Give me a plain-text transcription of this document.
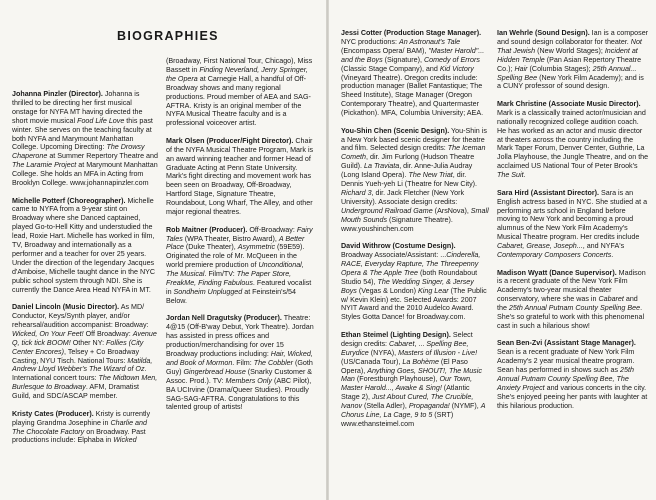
BIOGRAPHIES

Johanna Pinzler (Director). Johanna is thrilled to be directing her first musical onstage for NYFA MT having directed the short movie musical Food Life Love this past winter. She serves on the teaching faculty at both NYFA and Marymount Manhattan College. Upcoming Directing: The Drowsy Chaperone at Summer Repertory Theatre and The Laramie Project at Marymount Manhattan College. She holds an MFA in Acting from Brooklyn College. www.johannapinzler.com

Michelle Potterf (Choreographer). Michelle came to NYFA from a 9-year stint on Broadway where she Danced captained, played Go-to-Hell Kitty and understudied the lead, Roxie Hart. Michelle has worked in film, TV, Broadway and internationally as a performer and a teacher for over 25 years. Under the direction of the legendary Jacques d'Amboise, Michelle taught dance in the NYC public school system through NDI. She is currently the Dance Area Head NYFA in MT.

Daniel Lincoln (Music Director). As MD/ Conductor, Keys/Synth player, and/or rehearsal/audition accompanist: Broadway: Wicked, On Your Feet! Off Broadway: Avenue Q, tick tick BOOM! Other NY: Follies (City Center Encores), Telsey + Co Broadway Casting, NYU Tisch. National Tours: Matilda, Andrew Lloyd Webber's The Wizard of Oz. International concert tours: The Midtown Men, Burlesque to Broadway. AFM, Dramatist Guild, and SDC/ASCAP member.

Kristy Cates (Producer). Kristy is currently playing Grandma Josephine in Charlie and The Chocolate Factory on Broadway. Past productions include: Elphaba in Wicked

(Broadway, First National Tour, Chicago), Miss Bassett in Finding Neverland, Jerry Springer, the Opera at Carnegie Hall, a handful of Off-Broadway shows and many regional productions. Proud member of AEA and SAG-AFTRA. Kristy is an original member of the NYFA Musical Theatre faculty and is a professional voiceover artist.

Mark Olsen (Producer/Fight Director). Chair of the NYFA Musical Theatre Program, Mark is an award winning teacher and former Head of Graduate Acting at Penn State University. Mark's fight directing and movement work has been seen on Broadway, Off-Broadway, Hartford Stage, Signature Theatre, Roundabout, Long Wharf, The Alley, and other major regional theatres.

Rob Maitner (Producer). Off-Broadway: Fairy Tales (WPA Theater, Bistro Award), A Better Place (Duke Theater), Asymmetric (59E59). Originated the role of Mr. McQueen in the world premiere production of Unconditional, The Musical. Film/TV: The Paper Store, FreakMe, Finding Fabulous. Featured vocalist in Sondheim Unplugged at Feinstein's/54 Below.

Jordan Nell Dragutsky (Producer). Theatre: 4@15 (Off-B'way Debut, York Theatre). Jordan has assisted in press offices and production/merchandising for over 15 Broadway productions including: Hair, Wicked, and Book of Mormon. Film: The Cobbler (Goth Guy) Gingerbread House (Snarky Customer & Assoc. Prod.). TV: Members Only (ABC Pilot), BA UCIrvine (Drama/Queer Studies). Proudly SAG-SAG-AFTRA. Congratulations to this talented group of artists!

Jessi Cotter (Production Stage Manager). NYC productions: An Astronaut's Tale (Encompass Opera/ BAM), "Master Harold"... and the Boys (Signature), Comedy of Errors (Classic Stage Company), and Kid Victory (Vineyard Theatre). Oregon credits include: production manager (Ballet Fantastique; The Sheed Institute), Stage Manager (Oregon Contemporary Theatre), and Quartermaster (Pickathon). MFA, Columbia University; AEA.

You-Shin Chen (Scenic Design). You-Shin is a New York based scenic designer for theatre and film. Selected design credits: The Iceman Cometh, dir. Jim Furlong (Hudson Theatre Guild). La Traviata, dir. Anne-Julia Audray (Long Island Opera). The New Triat, dir. Dennis Yueh-yeh Li (Theatre for New City). Richard 3, dir. Jack Fletcher (New York University). Associate design credits: Underground Railroad Game (ArsNova), Small Mouth Sounds (Signature Theatre). www.youshinchen.com

David Withrow (Costume Design). Broadway Associate/Assistant: ...Cinderella, RACE, Everyday Rapture, The Threepenny Opera & The Apple Tree (both Roundabout Studio 54), The Wedding Singer, & Jersey Boys (Vegas & London) King Lear (The Public w/ Kevin Klein) etc. Selected Awards: 2007 NYIT Award and the 2010 Audelco Award. Styles Gotta Dance! for Broadway.com.

Ethan Steimel (Lighting Design). Select design credits: Cabaret, ... Spelling Bee, Eurydice (NYFA), Masters of Illusion - Live! (US/Canada Tour), La Bohème (El Paso Opera), Anything Goes, SHOUT!, The Music Man (Forestburgh Playhouse), Our Town, Master Harold..., Awake & Sing! (Atlantic Stage 2), Just About Cured, The Crucible, Ivanov (Stella Adler), Propaganda! (NYMF), A Chorus Line, La Cage, 9 to 5 (SRT) www.ethansteimel.com

Ian Wehrle (Sound Design). Ian is a composer and sound design collaborator for theater. Not That Jewish (New World Stages); Incident at Hidden Temple (Pan Asian Repertory Theatre Co.); Hair (Columbia Stages); 25th Annual... Spelling Bee (New York Film Academy); and is a CUNY professor of sound design.

Mark Christine (Associate Music Director). Mark is a classically trained actor/musician and nationally recognized college audition coach. He has worked as an actor and music director at theaters across the country including the Mark Taper Forum, Denver Center, Guthrie, La Jolla Playhouse, the Jungle Theatre, and on the acclaimed US National Tour of Peter Brook's The Suit.

Sara Hird (Assistant Director). Sara is an English actress based in NYC. She studied at a performing arts school in England before moving to New York and becoming a proud alumnus of the New York Film Academy's Musical Theatre program. Her credits include Cabaret, Grease, Joseph..., and NYFA's Contemporary Composers Concerts.

Madison Wyatt (Dance Supervisor). Madison is a recent graduate of the New York Film Academy's two-year musical theater conservatory, where she was in Cabaret and the 25th Annual Putnam County Spelling Bee. She's so grateful to work with this phenomenal cast in such a hilarious show!

Sean Ben-Zvi (Assistant Stage Manager). Sean is a recent graduate of New York Film Academy's 2 year musical theatre program. Sean has performed in shows such as 25th Annual Putnam County Spelling Bee, The Anxiety Project and various concerts in the city. She's enjoyed peeing her pants with laughter at this hilarious production.
